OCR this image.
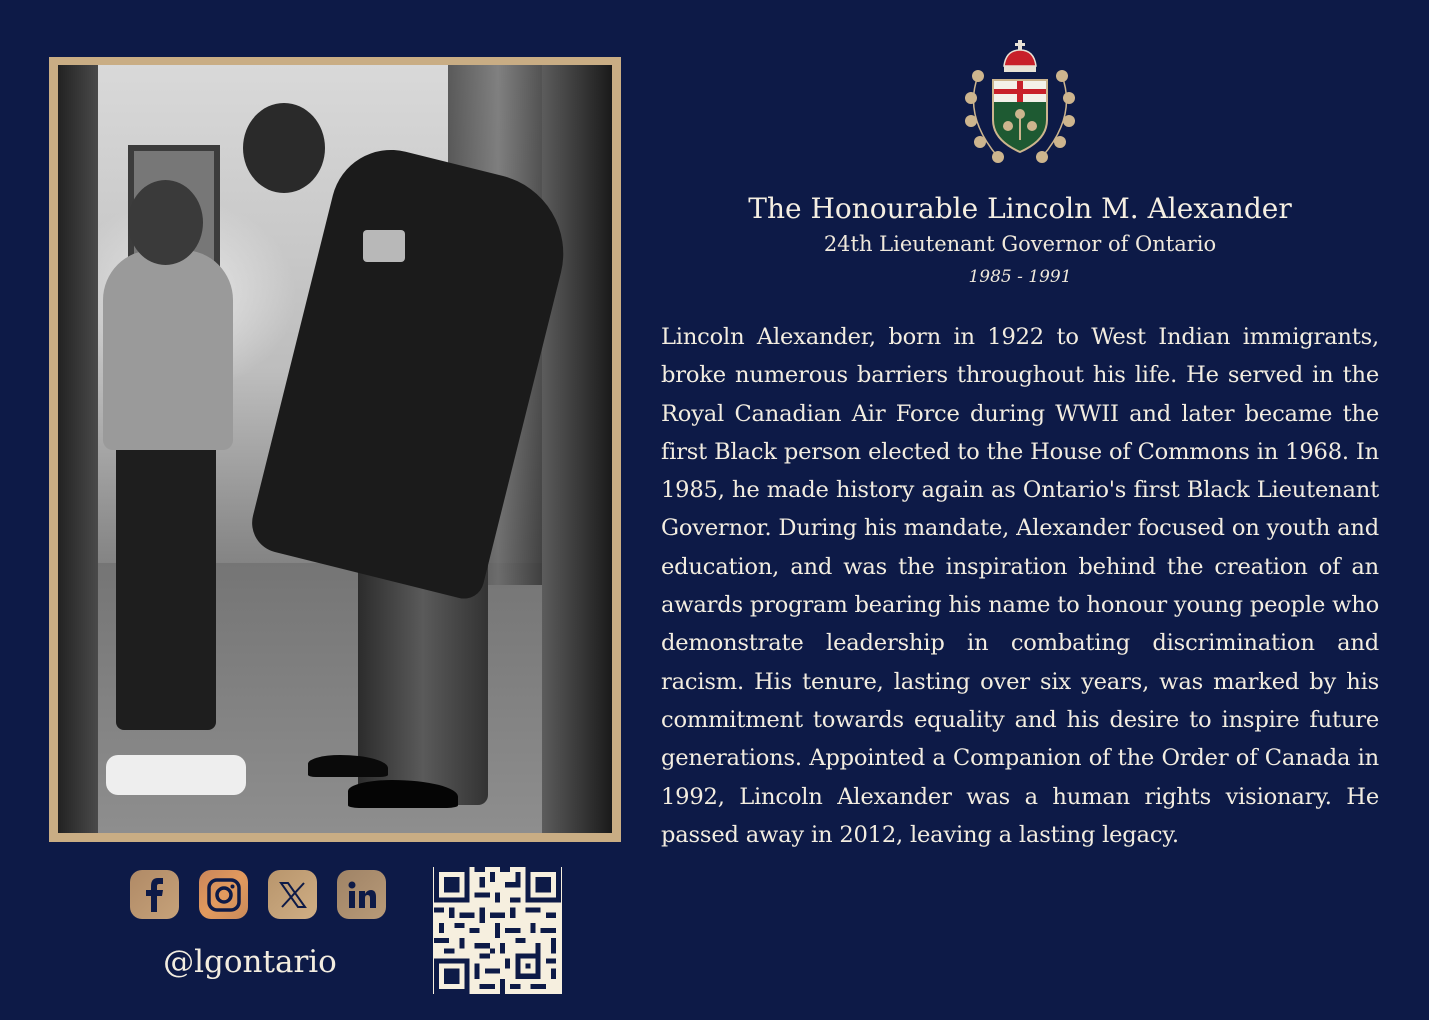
The Honourable Lincoln M. Alexander
24th Lieutenant Governor of Ontario
1985 - 1991
Lincoln Alexander, born in 1922 to West Indian immigrants, broke numerous barriers throughout his life. He served in the Royal Canadian Air Force during WWII and later became the first Black person elected to the House of Commons in 1968. In 1985, he made history again as Ontario's first Black Lieutenant Governor. During his mandate, Alexander focused on youth and education, and was the inspiration behind the creation of an awards program bearing his name to honour young people who demonstrate leadership in combating discrimination and racism. His tenure, lasting over six years, was marked by his commitment towards equality and his desire to inspire future generations. Appointed a Companion of the Order of Canada in 1992, Lincoln Alexander was a human rights visionary. He passed away in 2012, leaving a lasting legacy.
@lgontario
